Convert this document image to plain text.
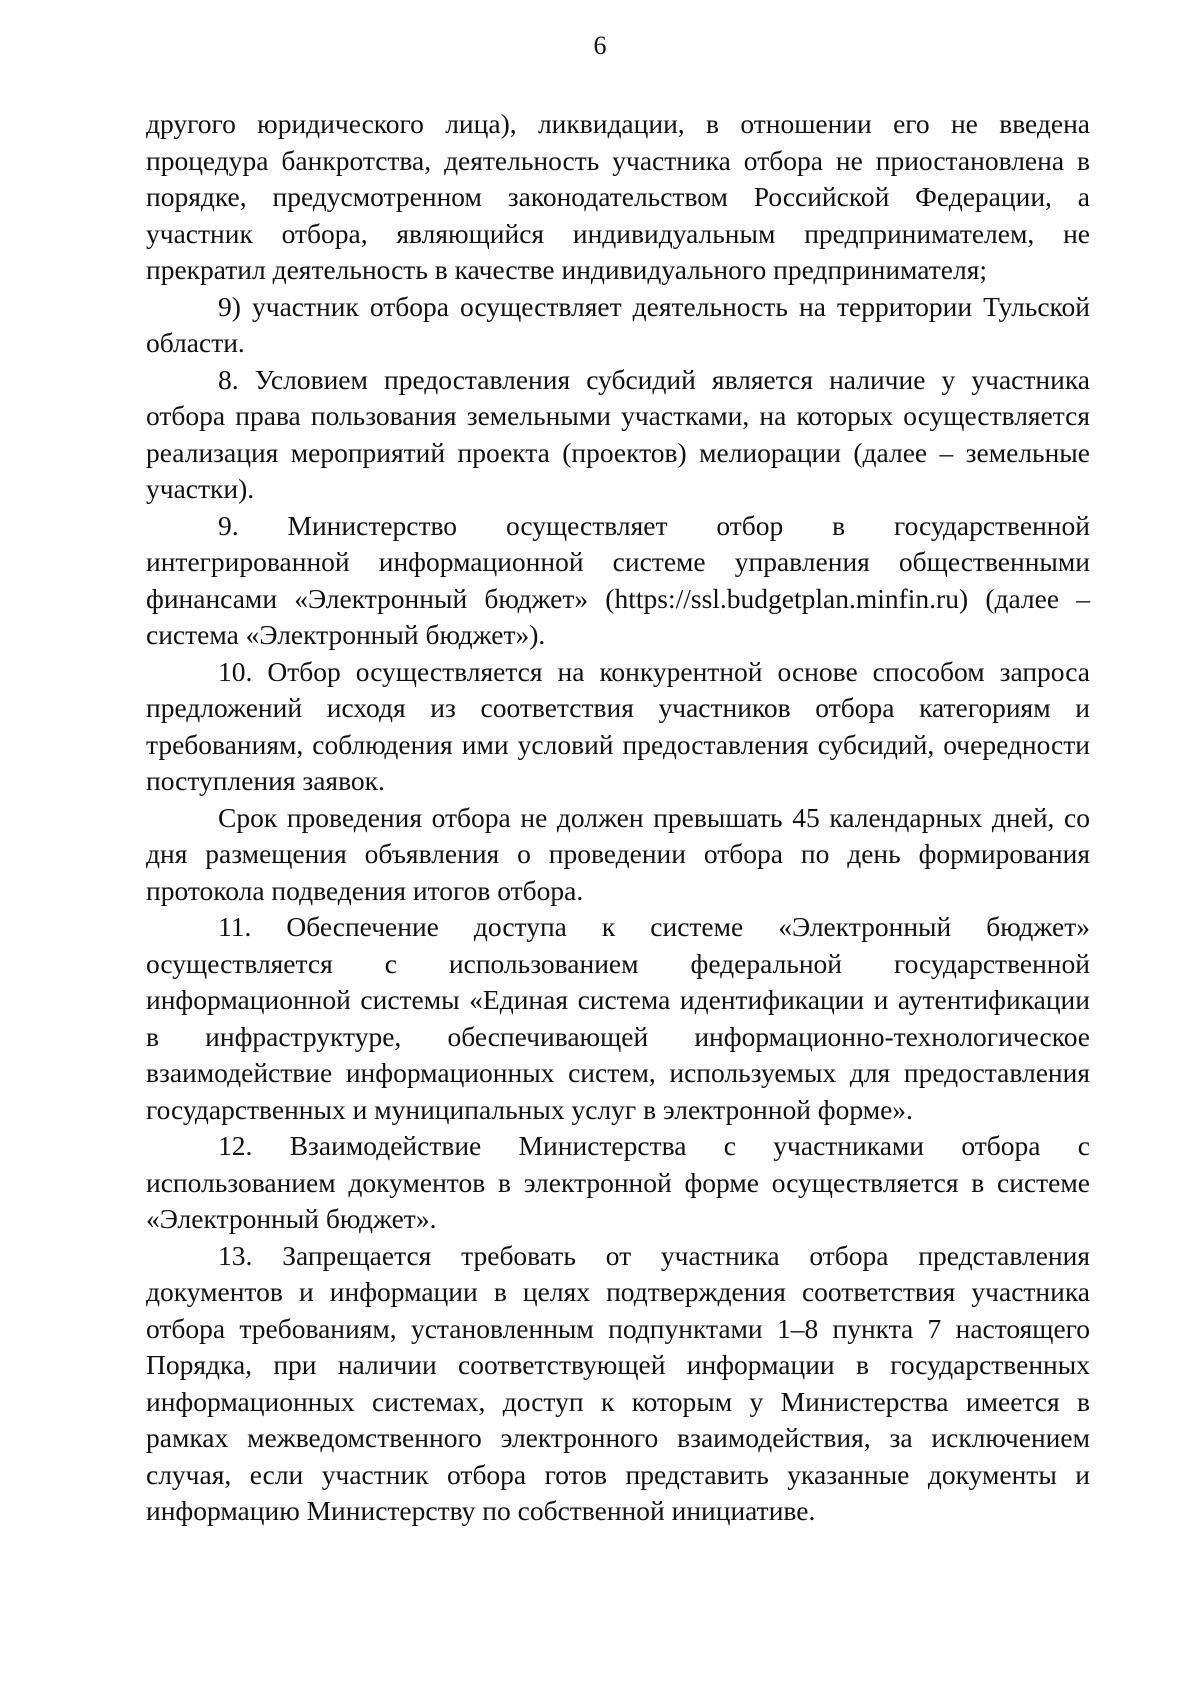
6

другого юридического лица), ликвидации, в отношении его не введена процедура банкротства, деятельность участника отбора не приостановлена в порядке, предусмотренном законодательством Российской Федерации, а участник отбора, являющийся индивидуальным предпринимателем, не прекратил деятельность в качестве индивидуального предпринимателя;

9) участник отбора осуществляет деятельность на территории Тульской области.

8. Условием предоставления субсидий является наличие у участника отбора права пользования земельными участками, на которых осуществляется реализация мероприятий проекта (проектов) мелиорации (далее – земельные участки).

9. Министерство осуществляет отбор в государственной интегрированной информационной системе управления общественными финансами «Электронный бюджет» (https://ssl.budgetplan.minfin.ru) (далее – система «Электронный бюджет»).

10. Отбор осуществляется на конкурентной основе способом запроса предложений исходя из соответствия участников отбора категориям и требованиям, соблюдения ими условий предоставления субсидий, очередности поступления заявок.

Срок проведения отбора не должен превышать 45 календарных дней, со дня размещения объявления о проведении отбора по день формирования протокола подведения итогов отбора.

11. Обеспечение доступа к системе «Электронный бюджет» осуществляется с использованием федеральной государственной информационной системы «Единая система идентификации и аутентификации в инфраструктуре, обеспечивающей информационно-технологическое взаимодействие информационных систем, используемых для предоставления государственных и муниципальных услуг в электронной форме».

12. Взаимодействие Министерства с участниками отбора с использованием документов в электронной форме осуществляется в системе «Электронный бюджет».

13. Запрещается требовать от участника отбора представления документов и информации в целях подтверждения соответствия участника отбора требованиям, установленным подпунктами 1–8 пункта 7 настоящего Порядка, при наличии соответствующей информации в государственных информационных системах, доступ к которым у Министерства имеется в рамках межведомственного электронного взаимодействия, за исключением случая, если участник отбора готов представить указанные документы и информацию Министерству по собственной инициативе.
